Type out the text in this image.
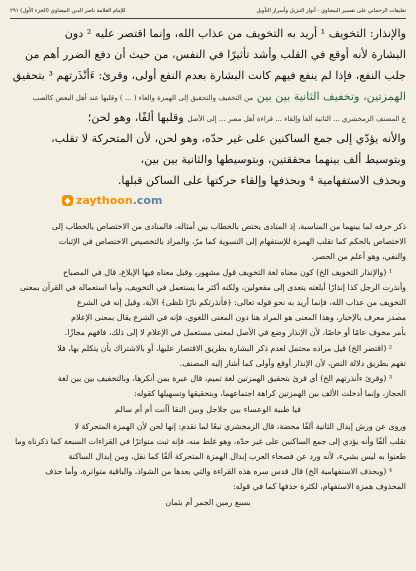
تعليقات الرحماني على تفسير البيضاوي - أنوار التنزيل وأسرار التأويل
للإمام العلامة ناصر الدين البيضاوي (الجزء الأول) ٢٩١

والإنذار: التخويف ¹ أريد به التخويف من عذاب الله، وإنما اقتصر عليه ² دون

البشارة لأنه أوقع في القلب وأشد تأثيرًا في النفس، من حيث أن دفع الضرر أهم من

جلب النفع، فإذا لم ينفع فيهم كانت البشارة بعدم النفع أولى، وقرئ: ءَأنْذَرتهم ³ بتحقيق

الهمزتين، وتخفيف الثانية بين بين من التخفيف والتحقيق إلى الهمزة والعاء ( ... ) وقلبها عند أهل البعض كالصب

ع المصنف الزمخشري ... الثانية ألفا وإلقاء ... قراءة أهل مصر ... إلى الأصل وقلبها ألفًا، وهو لحن؛

والأنه يؤدّي إلى جمع الساكنين على غير حدّه، وهو لحن، لأن المتحركة لا تقلب،

وبتوسيط ألف بينهما محققتين، وبتوسيطها والثانية بين بين،

وبحذف الاستفهامية ⁴ وبحذفها وإلقاء حركتها على الساكن قبلها.

◆ zaythoon.com

ذكر حرفه لما بينهما من المناسبة، إذ المنادى يختص بالخطاب بين أمثاله، فالمنادى من الاختصاص بالخطاب إلى

الاختصاص بالحكم كما تقلب الهمزة للإستفهام إلى التسوية كما مرّ، والمراد بالتخصيص الاختصاص في الإثبات

والنفي، وهو أعلم من الحصر.

¹ (والإنذار التخويف الخ) كون معناه لغة التخويف قول مشهور، وقيل معناه فيها الإبلاغ، قال في المصباح

وأنذرت الرجل كذا إنذارًا أبلغته يتعدى إلى مفعولين، ولكنه أكثر ما يستعمل في التخويف، وأما استعماله في القرآن بمعنى

التخويف من عذاب الله، فإنما أريد به نحو قوله تعالى: ﴿فأنذرتكم نارًا تلظى﴾ الآية، وقيل إنه في الشرع

مصدر معرف بالإخبار، وهذا المعنى هو المراد هنا دون المعنى اللغوي، فإنه في الشرع يقال بمعنى الإعلام

بأمر مخوف عامًا أو خاصًا، لأن الإنذار وضع في الأصل لمعنى مستعمل في الإعلام لا إلى ذلك، فافهم مجازًا.

² (اقتصر الخ) قيل مراده محتمل لعدم ذكر البشارة بطريق الاقتصار عليها، أو بالاشتراك بأن يتكلم بها، فلا

تفهم بطريق دلالة النص، لأن الإنذار أوقع وأولى كما أشار إليه المصنف.

³ (وقرئ ءأنذرتهم الخ) أي قرئ بتحقيق الهمزتين لغة تميم، قال عبرة بمن أنكرها، وبالتخفيف بين بين لغة

الحجاز، وإنما أدخلت الألف بين الهمزتين كراهة اجتماعهما، وبتحقيقها وتسهيلها كقوله:

فيا ظبية الوعساء بين جلاجل وبين النقا آأنت أم أم سالم

وروى عن ورش إبدال الثانية ألفًا محضة، قال الزمخشري تبعًا لما تقدم: إنها لحن لأن الهمزة المتحركة لا

تقلب ألفًا وأنه يؤدي إلى جمع الساكنين على غير حدّه، وهو غلط منه، فإنه ثبت متواترًا في القراءات السبعة كما ذكرناه وما

طعنوا به ليس بشيء، لأنه ورد عن فصحاء العرب إبدال الهمزة المتحركة ألفًا كما نقل، ومن إبدال الساكنة

⁴ (وبحذف الاستفهامية الخ) قال قدس سره هذه القراءة والتي بعدها من الشواذ، والباقية متواترة، وأما حذف

المحذوف همزة الاستفهام، لكثرة حذفها كما في قوله:

بسبع رمين الجمر أم بثمان
